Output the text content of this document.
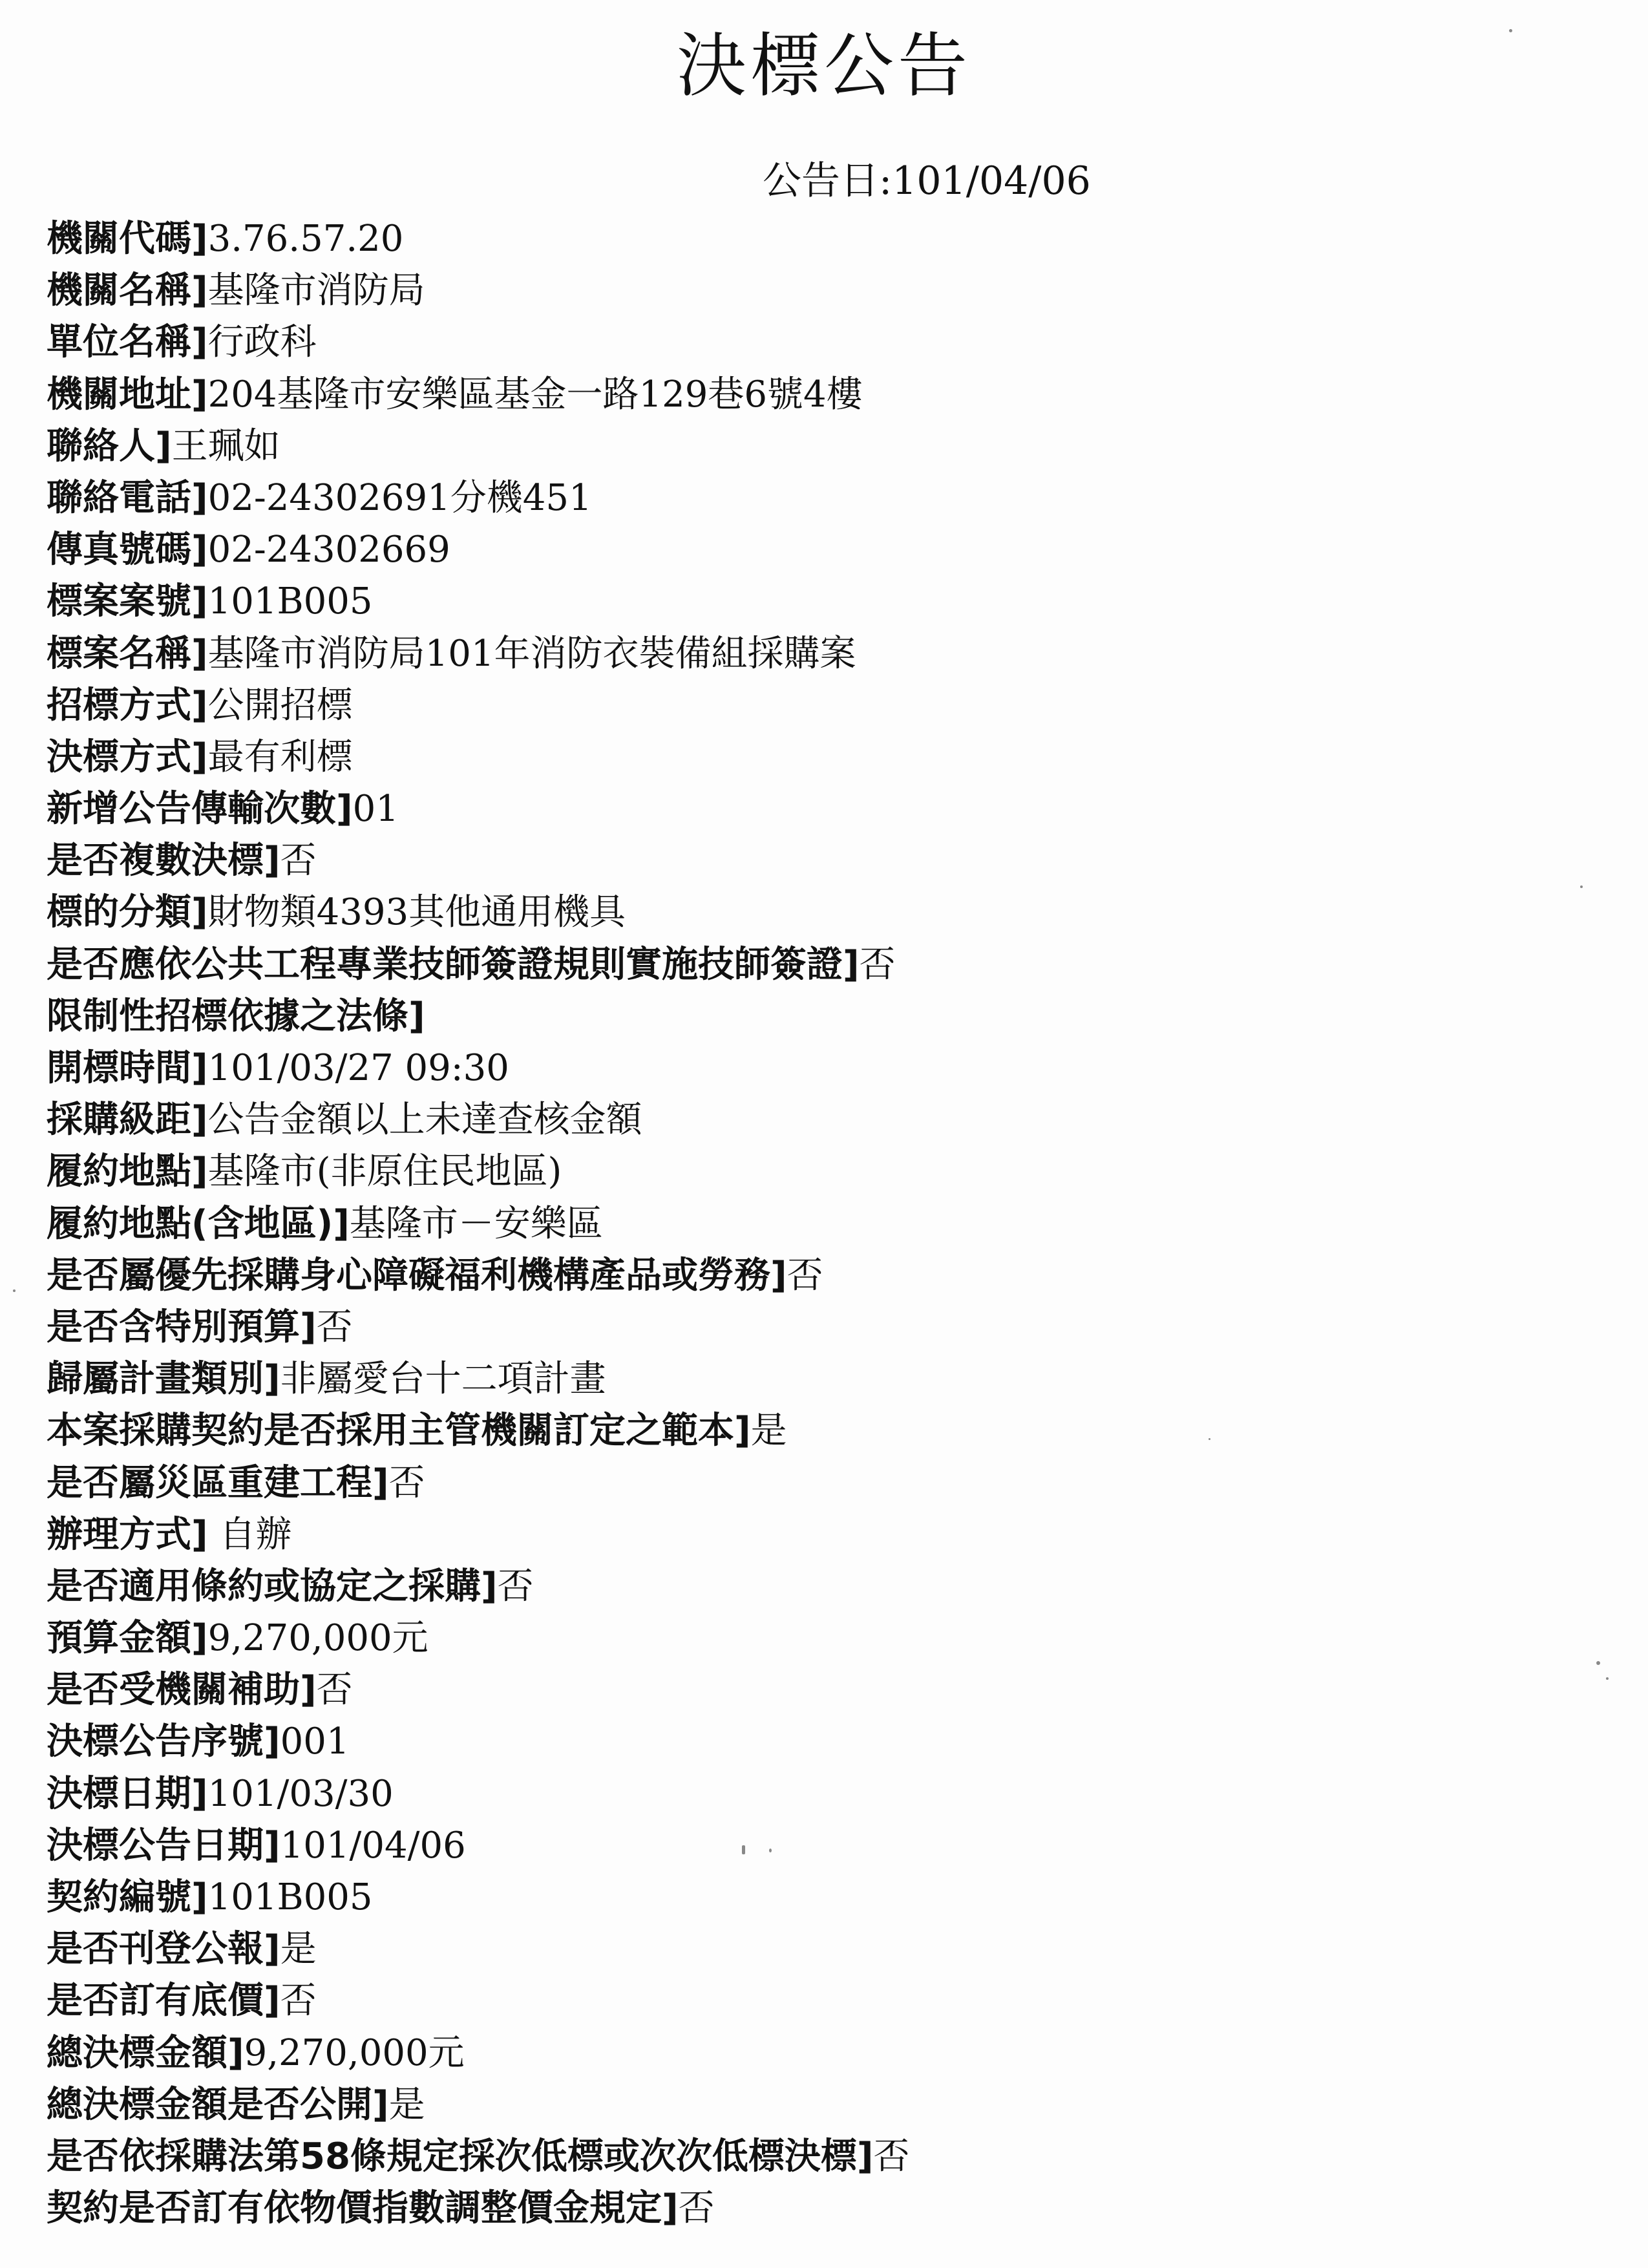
決標公告
公告日:101/04/06
機關代碼]3.76.57.20
機關名稱]基隆市消防局
單位名稱]行政科
機關地址]204基隆市安樂區基金一路129巷6號4樓
聯絡人]王珮如
聯絡電話]02-24302691分機451
傳真號碼]02-24302669
標案案號]101B005
標案名稱]基隆市消防局101年消防衣裝備組採購案
招標方式]公開招標
決標方式]最有利標
新增公告傳輸次數]01
是否複數決標]否
標的分類]財物類4393其他通用機具
是否應依公共工程專業技師簽證規則實施技師簽證]否
限制性招標依據之法條]
開標時間]101/03/27 09:30
採購級距]公告金額以上未達查核金額
履約地點]基隆市(非原住民地區)
履約地點(含地區)]基隆市－安樂區
是否屬優先採購身心障礙福利機構產品或勞務]否
是否含特別預算]否
歸屬計畫類別]非屬愛台十二項計畫
本案採購契約是否採用主管機關訂定之範本]是
是否屬災區重建工程]否
辦理方式] 自辦
是否適用條約或協定之採購]否
預算金額]9,270,000元
是否受機關補助]否
決標公告序號]001
決標日期]101/03/30
決標公告日期]101/04/06
契約編號]101B005
是否刊登公報]是
是否訂有底價]否
總決標金額]9,270,000元
總決標金額是否公開]是
是否依採購法第58條規定採次低標或次次低標決標]否
契約是否訂有依物價指數調整價金規定]否
